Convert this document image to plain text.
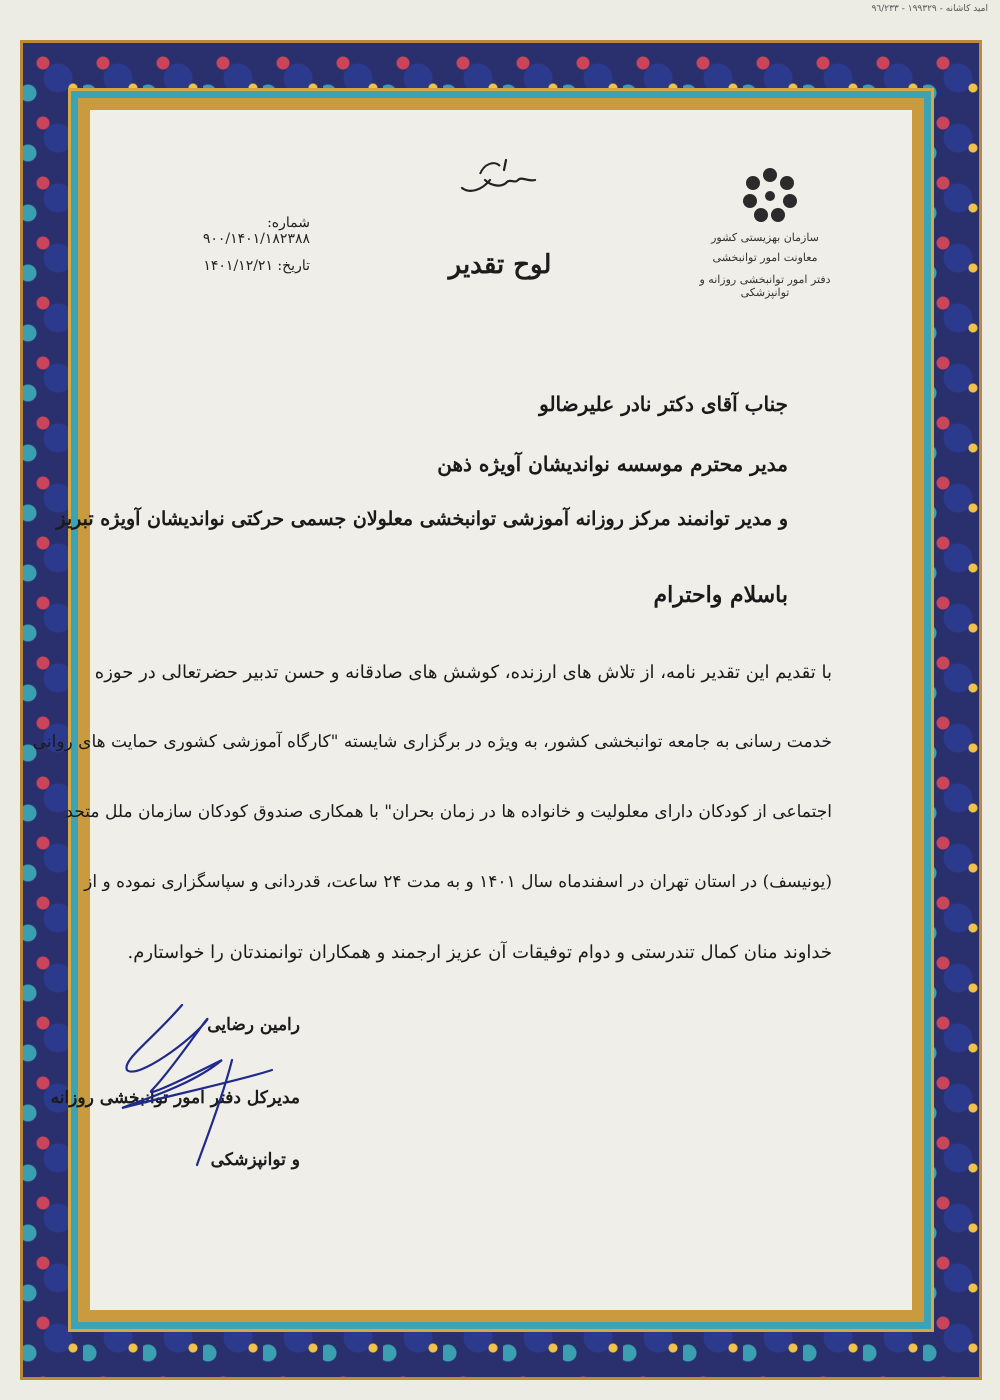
امید کاشانه - ١٩٩٣٢٩ - ٩٦/٢٣٣
شماره: ٩٠٠/١۴٠١/١٨٢٣٨٨
تاریخ: ١۴٠١/١٢/٢١	لوح تقدیر
سازمان بهزیستی کشور
معاونت امور توانبخشی
دفتر امور توانبخشی روزانه و توانپزشکی
جناب آقای دکتر نادر علیرضالو
مدیر محترم موسسه نواندیشان آویژه ذهن
و مدیر توانمند مرکز روزانه آموزشی توانبخشی معلولان جسمی حرکتی نواندیشان آویژه تبریز
باسلام واحترام
با تقدیم این تقدیر نامه، از تلاش های ارزنده، کوشش های صادقانه و حسن تدبیر حضرتعالی در حوزه
خدمت رسانی به جامعه توانبخشی کشور، به ویژه در برگزاری شایسته "کارگاه آموزشی کشوری حمایت های روانی
اجتماعی از کودکان دارای معلولیت و خانواده ها در زمان بحران" با همکاری صندوق کودکان سازمان ملل متحد
(یونیسف) در استان تهران در اسفندماه سال ١۴٠١ و به مدت ٢۴ ساعت، قدردانی و سپاسگزاری نموده و از
خداوند منان کمال تندرستی و دوام توفیقات آن عزیز ارجمند و همکاران توانمندتان را خواستارم.
رامین رضایی
مدیرکل دفتر امور توانبخشی روزانه
و توانپزشکی
